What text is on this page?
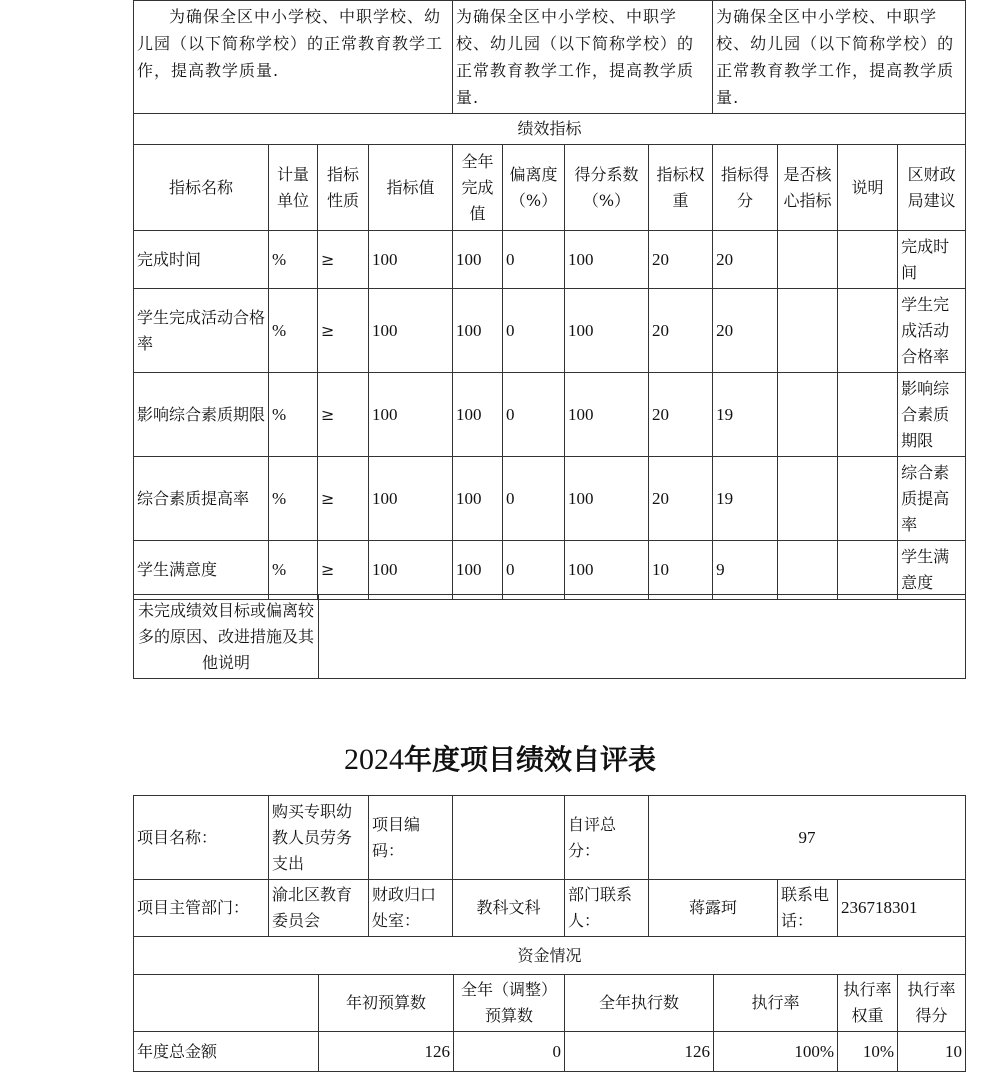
为确保全区中小学校、中职学校、幼儿园（以下简称学校）的正常教育教学工作，提高教学质量.				为确保全区中小学校、中职学校、幼儿园（以下简称学校）的正常教育教学工作，提高教学质量.				为确保全区中小学校、中职学校、幼儿园（以下简称学校）的正常教育教学工作，提高教学质量.			
绩效指标											
指标名称	计量单位	指标性质	指标值	全年完成值	偏离度（%）	得分系数（%）	指标权重	指标得分	是否核心指标	说明	区财政局建议
完成时间	%	≥	100	100	0	100	20	20			完成时间
学生完成活动合格率	%	≥	100	100	0	100	20	20			学生完成活动合格率
影响综合素质期限	%	≥	100	100	0	100	20	19			影响综合素质期限
综合素质提高率	%	≥	100	100	0	100	20	19			综合素质提高率
学生满意度	%	≥	100	100	0	100	10	9			学生满意度
未完成绩效目标或偏离较多的原因、改进措施及其他说明	
2024年度项目绩效自评表
项目名称：	购买专职幼教人员劳务支出	项目编码：		自评总分：	97		
项目主管部门：	渝北区教育委员会	财政归口处室：	教科文科	部门联系人：	蒋露珂	联系电话：	236718301
资金情况							
	年初预算数	全年（调整）预算数	全年执行数	执行率	执行率权重	执行率得分
年度总金额	126	0	126	100%	10%	10
